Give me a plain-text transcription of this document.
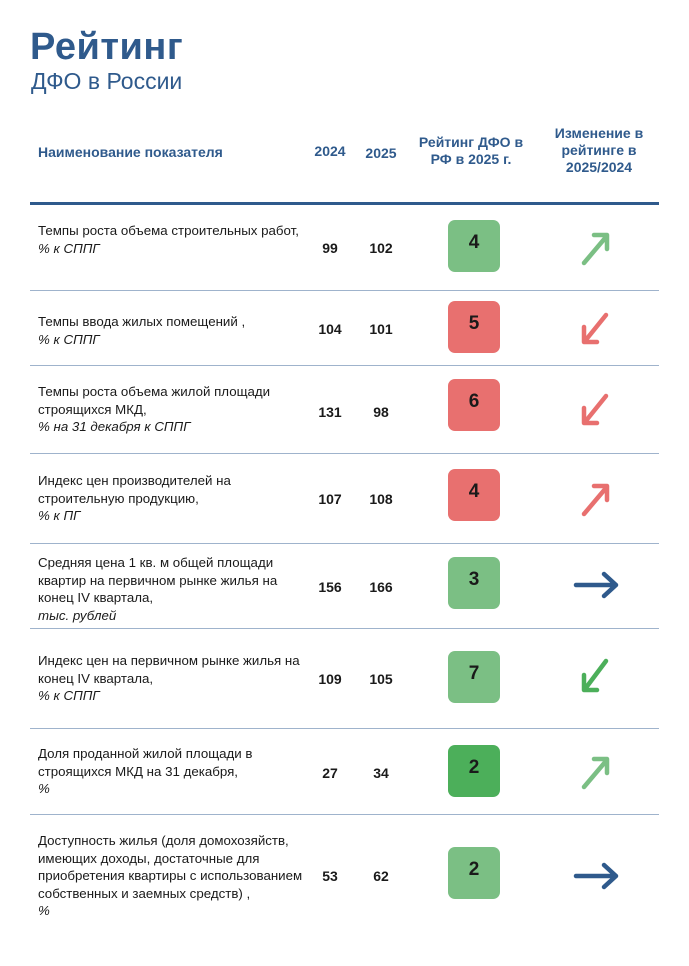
Рейтинг
ДФО в России
Наименование показателя	2024	2025
Рейтинг ДФО в РФ в 2025 г.
Изменение в рейтинге в 2025/2024
Темпы роста объема строительных работ,
% к СППГ	99	102	4
Темпы ввода жилых помещений ,
% к СППГ
104	101	5
Темпы роста объема жилой площади строящихся МКД,
% на 31 декабря к СППГ
131	98	6
Индекс цен производителей на строительную продукцию,
% к ПГ
107	108	4
Средняя цена 1 кв. м общей площади квартир на первичном рынке жилья на конец IV квартала,
тыс. рублей
156	166	3
Индекс цен на первичном рынке жилья на конец IV квартала,
% к СППГ
109	105	7
Доля проданной жилой площади в строящихся МКД на 31 декабря,
%
27	34	2
Доступность жилья (доля домохозяйств, имеющих доходы, достаточные для приобретения квартиры с использованием собственных и заемных средств) ,
%
53	62	2
